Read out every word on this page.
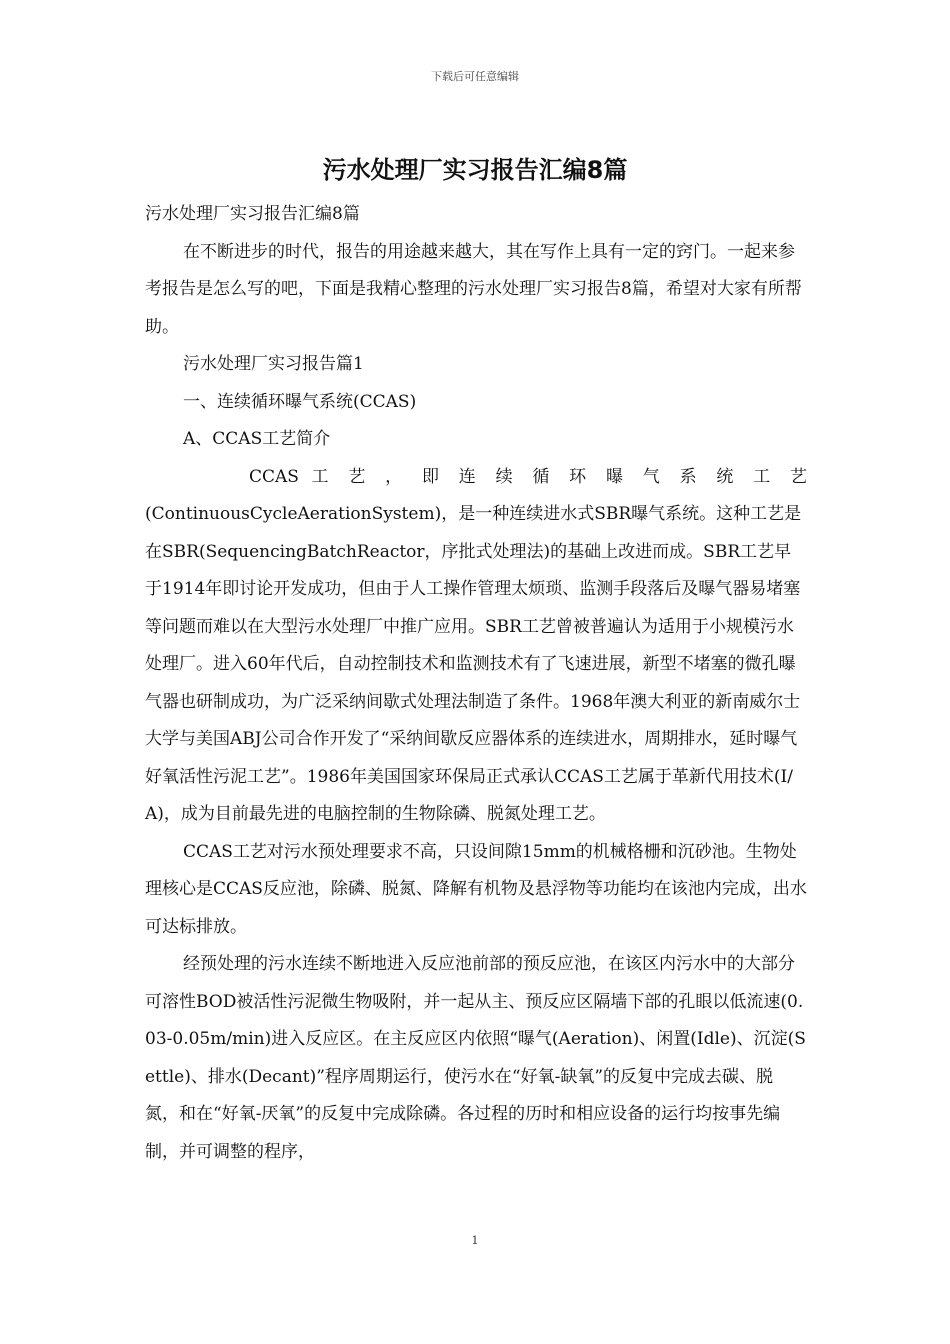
下载后可任意编辑
污水处理厂实习报告汇编8篇

污水处理厂实习报告汇编8篇

在不断进步的时代，报告的用途越来越大，其在写作上具有一定的窍门。一起来参考报告是怎么写的吧，下面是我精心整理的污水处理厂实习报告8篇，希望对大家有所帮助。

污水处理厂实习报告篇1

一、连续循环曝气系统(CCAS)

A、CCAS工艺简介

CCAS 工 艺 ， 即 连 续 循 环 曝 气 系 统 工 艺

(ContinuousCycleAerationSystem)，是一种连续进水式SBR曝气系统。这种工艺是在SBR(SequencingBatchReactor，序批式处理法)的基础上改进而成。SBR工艺早于1914年即讨论开发成功，但由于人工操作管理太烦琐、监测手段落后及曝气器易堵塞等问题而难以在大型污水处理厂中推广应用。SBR工艺曾被普遍认为适用于小规模污水处理厂。进入60年代后，自动控制技术和监测技术有了飞速进展，新型不堵塞的微孔曝气器也研制成功，为广泛采纳间歇式处理法制造了条件。1968年澳大利亚的新南威尔士大学与美国ABJ公司合作开发了“采纳间歇反应器体系的连续进水，周期排水，延时曝气好氧活性污泥工艺”。1986年美国国家环保局正式承认CCAS工艺属于革新代用技术(I/A)，成为目前最先进的电脑控制的生物除磷、脱氮处理工艺。

CCAS工艺对污水预处理要求不高，只设间隙15mm的机械格栅和沉砂池。生物处理核心是CCAS反应池，除磷、脱氮、降解有机物及悬浮物等功能均在该池内完成，出水可达标排放。

经预处理的污水连续不断地进入反应池前部的预反应池，在该区内污水中的大部分可溶性BOD被活性污泥微生物吸附，并一起从主、预反应区隔墙下部的孔眼以低流速(0.03-0.05m/min)进入反应区。在主反应区内依照“曝气(Aeration)、闲置(Idle)、沉淀(Settle)、排水(Decant)”程序周期运行，使污水在“好氧-缺氧”的反复中完成去碳、脱氮，和在“好氧-厌氧”的反复中完成除磷。各过程的历时和相应设备的运行均按事先编制，并可调整的程序，

1
